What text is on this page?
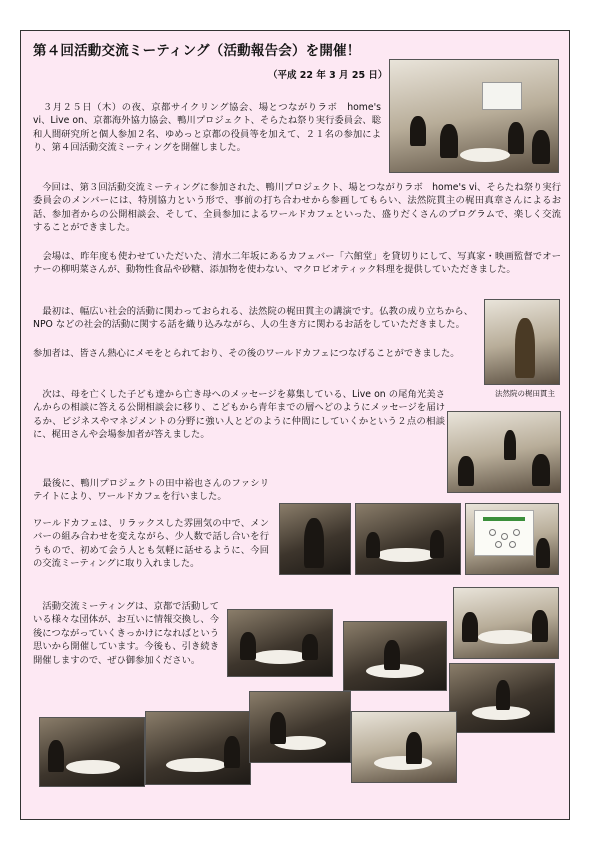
第４回活動交流ミーティング（活動報告会）を開催！
（平成 22 年 3 月 25 日）

　３月２５日（木）の夜、京都サイクリング協会、場とつながりラボ　home's vi、Live on、京都海外協力協会、鴨川プロジェクト、そらたね祭り実行委員会、聡和人間研究所と個人参加２名、ゆめっと京都の役員等を加えて、２１名の参加により、第４回活動交流ミーティングを開催しました。

　今回は、第３回活動交流ミーティングに参加された、鴨川プロジェクト、場とつながりラボ　home's vi、そらたね祭り実行委員会のメンバーには、特別協力という形で、事前の打ち合わせから参画してもらい、法然院貫主の梶田真章さんによるお話、参加者からの公開相談会、そして、全員参加によるワールドカフェといった、盛りだくさんのプログラムで、楽しく交流することができました。

　会場は、昨年度も使わせていただいた、清水二年坂にあるカフェバー「六館堂」を貸切りにして、写真家・映画監督でオーナーの柳明菜さんが、動物性食品や砂糖、添加物を使わない、マクロビオティック料理を提供していただきました。

　最初は、幅広い社会的活動に関わっておられる、法然院の梶田貫主の講演です。仏教の成り立ちから、NPO などの社会的活動に関する話を織り込みながら、人の生き方に関わるお話をしていただきました。

参加者は、皆さん熱心にメモをとられており、その後のワールドカフェにつなげることができました。

法然院の梶田貫主

　次は、母を亡くした子ども達から亡き母へのメッセージを募集している、Live on の尾角光美さんからの相談に答える公開相談会に移り、こどもから青年までの層へどのようにメッセージを届けるか、ビジネスやマネジメントの分野に強い人とどのように仲間にしていくかという２点の相談に、梶田さんや会場参加者が答えました。

　最後に、鴨川プロジェクトの田中裕也さんのファシリテイトにより、ワールドカフェを行いました。

ワールドカフェは、リラックスした雰囲気の中で、メンバーの組み合わせを変えながら、少人数で話し合いを行うもので、初めて会う人とも気軽に話せるように、今回の交流ミーティングに取り入れました。

　活動交流ミーティングは、京都で活動している様々な団体が、お互いに情報交換し、今後につながっていくきっかけになればという思いから開催しています。今後も、引き続き開催しますので、ぜひ御参加ください。
